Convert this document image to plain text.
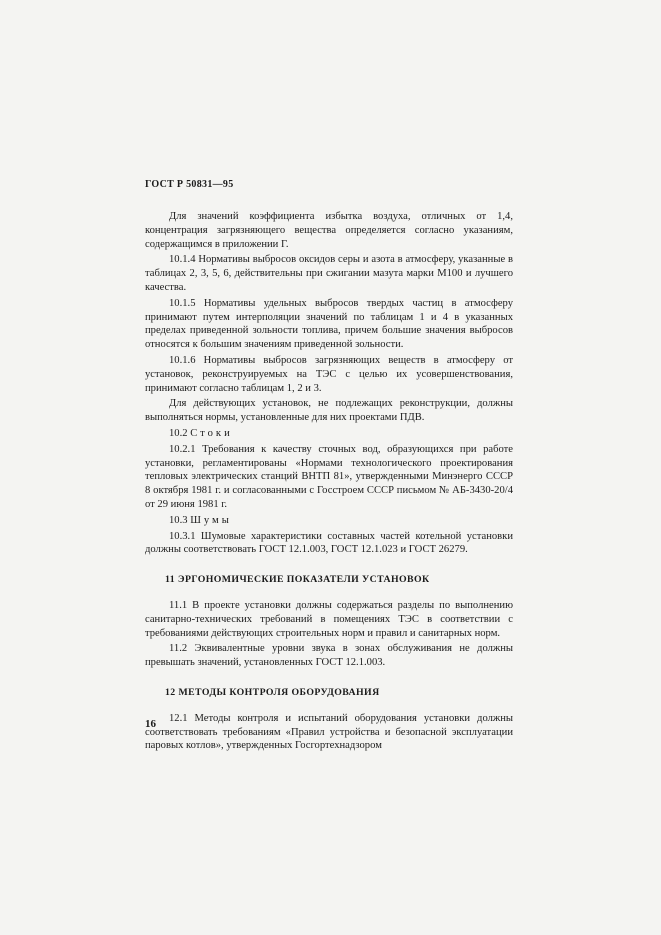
ГОСТ Р 50831—95

Для значений коэффициента избытка воздуха, отличных от 1,4, концентрация загрязняющего вещества определяется согласно указаниям, содержащимся в приложении Г.

10.1.4 Нормативы выбросов оксидов серы и азота в атмосферу, указанные в таблицах 2, 3, 5, 6, действительны при сжигании мазута марки М100 и лучшего качества.

10.1.5 Нормативы удельных выбросов твердых частиц в атмосферу принимают путем интерполяции значений по таблицам 1 и 4 в указанных пределах приведенной зольности топлива, причем большие значения выбросов относятся к большим значениям приведенной зольности.

10.1.6 Нормативы выбросов загрязняющих веществ в атмосферу от установок, реконструируемых на ТЭС с целью их усовершенствования, принимают согласно таблицам 1, 2 и 3.

Для действующих установок, не подлежащих реконструкции, должны выполняться нормы, установленные для них проектами ПДВ.

10.2 Стоки

10.2.1 Требования к качеству сточных вод, образующихся при работе установки, регламентированы «Нормами технологического проектирования тепловых электрических станций ВНТП 81», утвержденными Минэнерго СССР 8 октября 1981 г. и согласованными с Госстроем СССР письмом № АБ-3430-20/4 от 29 июня 1981 г.

10.3 Шумы

10.3.1 Шумовые характеристики составных частей котельной установки должны соответствовать ГОСТ 12.1.003, ГОСТ 12.1.023 и ГОСТ 26279.

11 ЭРГОНОМИЧЕСКИЕ ПОКАЗАТЕЛИ УСТАНОВОК

11.1 В проекте установки должны содержаться разделы по выполнению санитарно-технических требований в помещениях ТЭС в соответствии с требованиями действующих строительных норм и правил и санитарных норм.

11.2 Эквивалентные уровни звука в зонах обслуживания не должны превышать значений, установленных ГОСТ 12.1.003.

12 МЕТОДЫ КОНТРОЛЯ ОБОРУДОВАНИЯ

12.1 Методы контроля и испытаний оборудования установки должны соответствовать требованиям «Правил устройства и безопасной эксплуатации паровых котлов», утвержденных Госгортехнадзором

16
